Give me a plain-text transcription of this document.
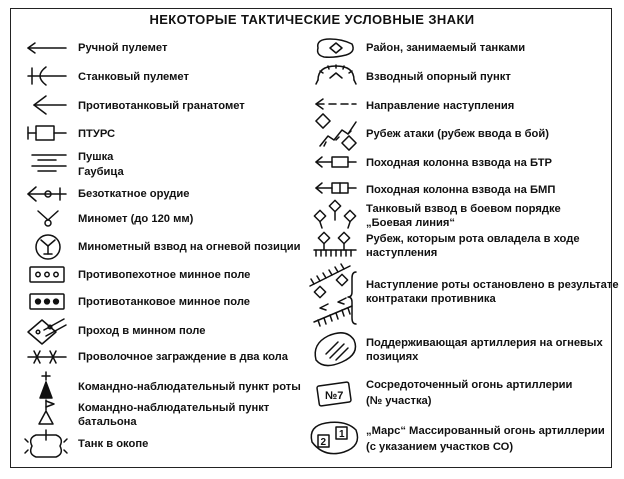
НЕКОТОРЫЕ ТАКТИЧЕСКИЕ УСЛОВНЫЕ ЗНАКИ
Ручной пулемет
Станковый пулемет
Противотанковый гранатомет
ПТУРС
Пушка
Гаубица
Безоткатное орудие
Миномет (до 120 мм)
Минометный взвод на огневой позиции
Противопехотное минное поле
Противотанковое минное поле
Проход в минном поле
Проволочное заграждение в два кола
Командно-наблюдательный пункт роты
Командно-наблюдательный пункт
батальона
Танк в окопе
Район, занимаемый танками
Взводный опорный пункт
Направление наступления
Рубеж атаки (рубеж ввода в бой)
Походная колонна взвода на БТР
Походная колонна взвода на БМП
Танковый взвод в боевом порядке
„Боевая линия“
Рубеж, которым рота овладела в ходе
наступления
Наступление роты остановлено в результате
контратаки противника
Поддерживающая артиллерия на огневых
позициях
№7
Сосредоточенный огонь артиллерии
(№ участка)
2
1 „Марс“ Массированный огонь артиллерии
(с указанием участков СО)
